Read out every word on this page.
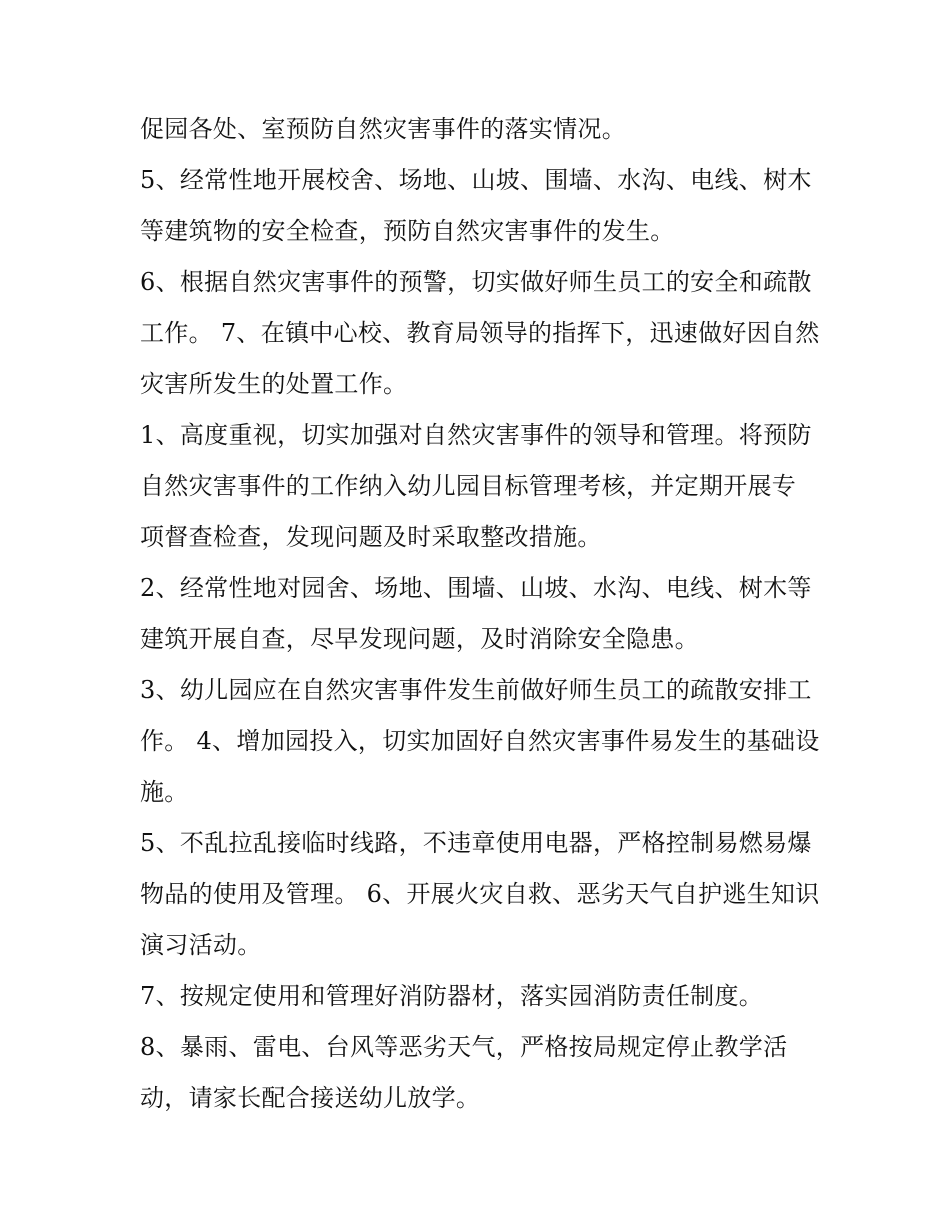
促园各处、室预防自然灾害事件的落实情况。

5、经常性地开展校舍、场地、山坡、围墙、水沟、电线、树木等建筑物的安全检查，预防自然灾害事件的发生。

6、根据自然灾害事件的预警，切实做好师生员工的安全和疏散工作。 7、在镇中心校、教育局领导的指挥下，迅速做好因自然灾害所发生的处置工作。

1、高度重视，切实加强对自然灾害事件的领导和管理。将预防自然灾害事件的工作纳入幼儿园目标管理考核，并定期开展专项督查检查，发现问题及时采取整改措施。

2、经常性地对园舍、场地、围墙、山坡、水沟、电线、树木等建筑开展自查，尽早发现问题，及时消除安全隐患。

3、幼儿园应在自然灾害事件发生前做好师生员工的疏散安排工作。 4、增加园投入，切实加固好自然灾害事件易发生的基础设施。

5、不乱拉乱接临时线路，不违章使用电器，严格控制易燃易爆物品的使用及管理。 6、开展火灾自救、恶劣天气自护逃生知识演习活动。

7、按规定使用和管理好消防器材，落实园消防责任制度。

8、暴雨、雷电、台风等恶劣天气，严格按局规定停止教学活动，请家长配合接送幼儿放学。
